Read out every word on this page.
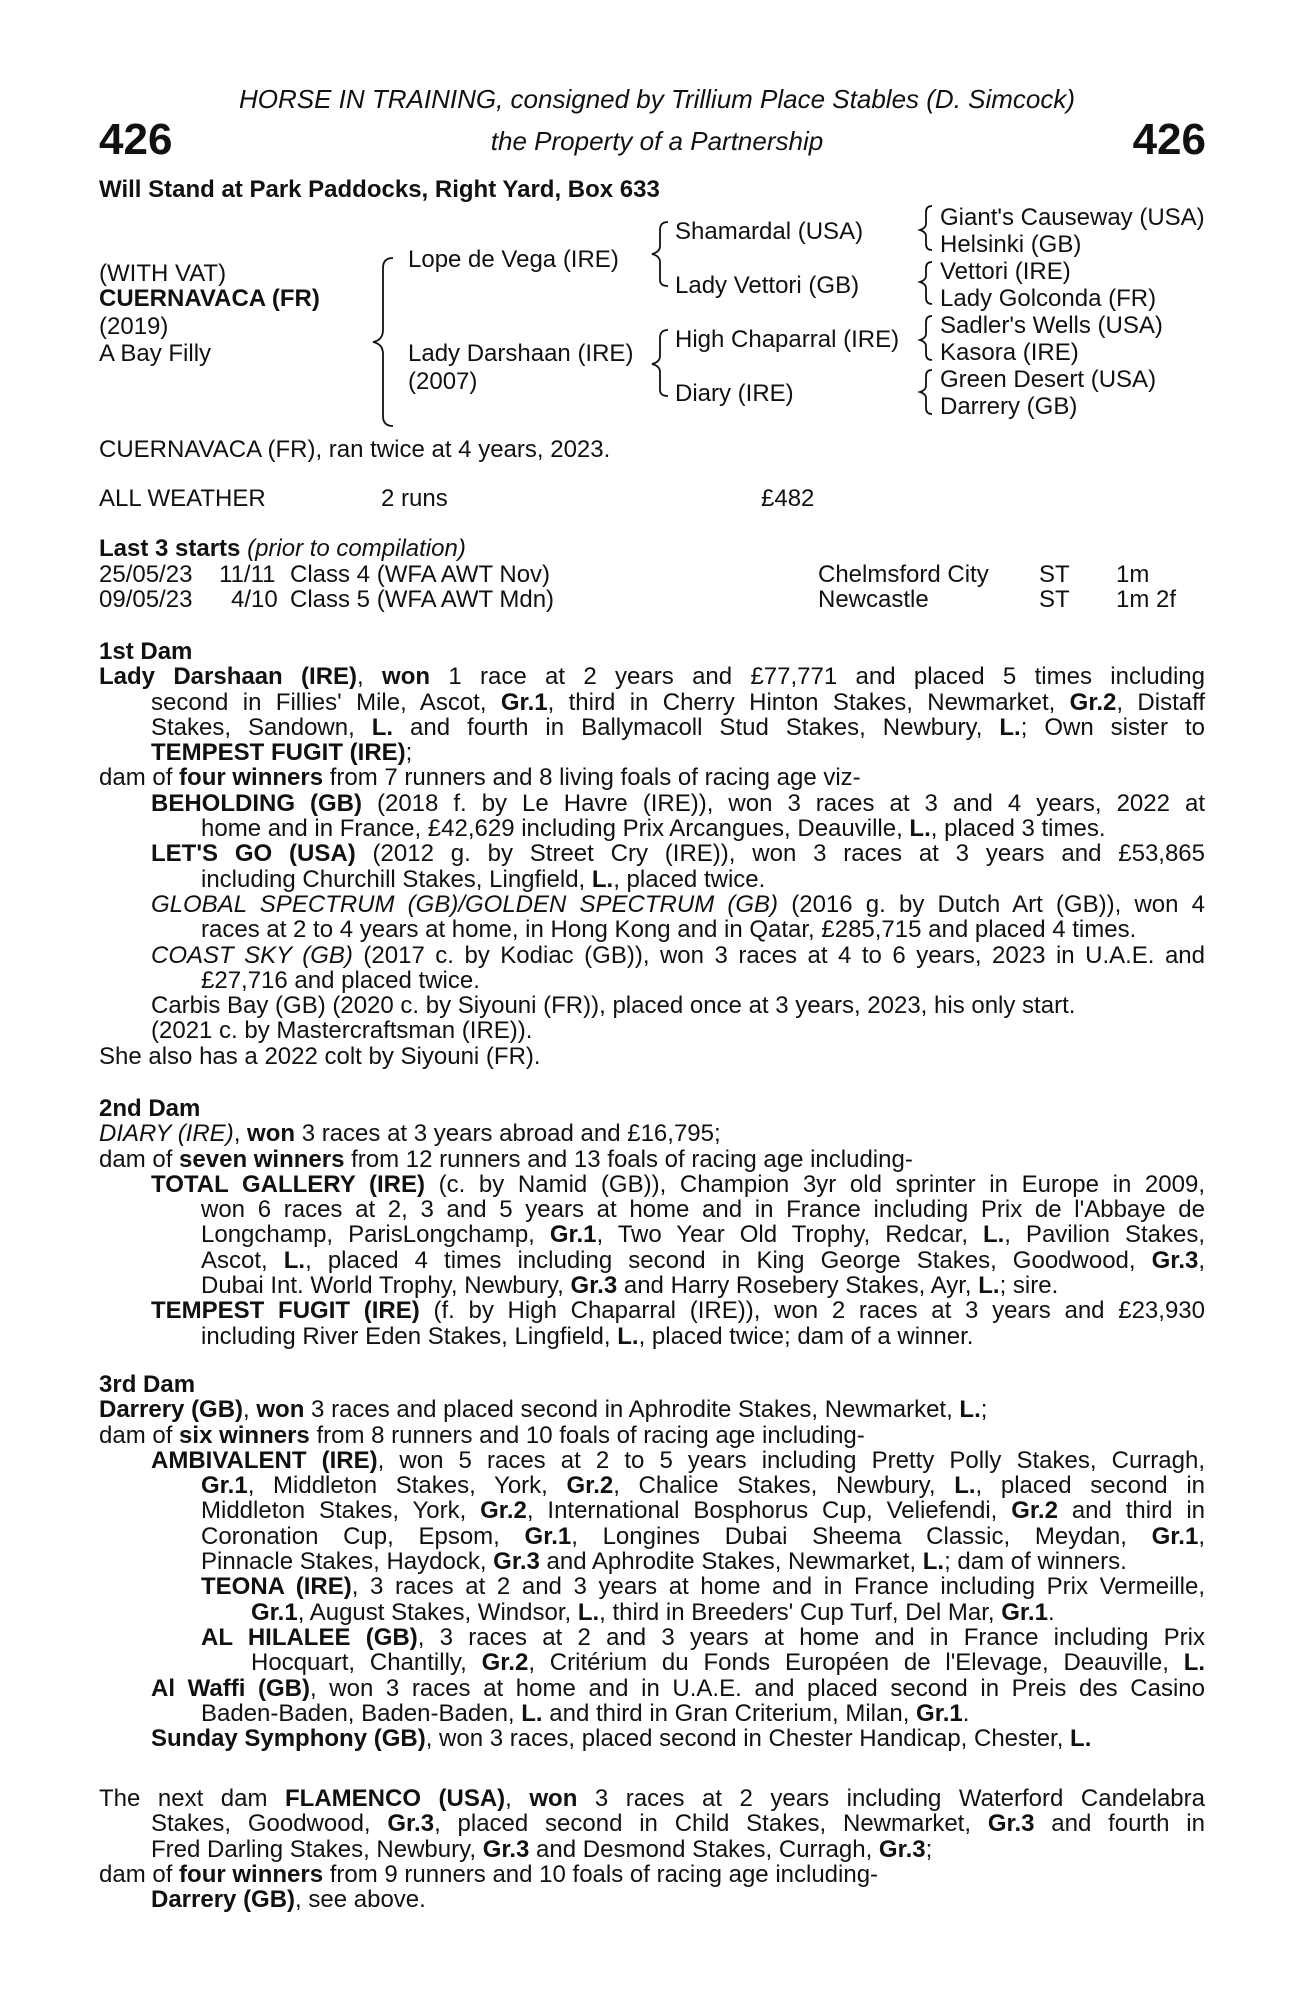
HORSE IN TRAINING, consigned by Trillium Place Stables (D. Simcock)
the Property of a Partnership
426	426
Will Stand at Park Paddocks, Right Yard, Box 633
(WITH VAT)
CUERNAVACA (FR)
(2019)
A Bay Filly
Lope de Vega (IRE)
Lady Darshaan (IRE)
(2007)
Shamardal (USA)
Lady Vettori (GB)
High Chaparral (IRE)
Diary (IRE)
Giant's Causeway (USA)
Helsinki (GB)
Vettori (IRE)
Lady Golconda (FR)
Sadler's Wells (USA)
Kasora (IRE)
Green Desert (USA)
Darrery (GB)
CUERNAVACA (FR), ran twice at 4 years, 2023.
ALL WEATHER	2 runs	£482
Last 3 starts (prior to compilation)
25/05/23 11/11 Class 4 (WFA AWT Nov)	Chelmsford City ST 1m
09/05/23 4/10 Class 5 (WFA AWT Mdn)	Newcastle	ST 1m 2f
1st Dam
Lady Darshaan (IRE), won 1 race at 2 years and £77,771 and placed 5 times including
second in Fillies' Mile, Ascot, Gr.1, third in Cherry Hinton Stakes, Newmarket, Gr.2, Distaff
Stakes, Sandown, L. and fourth in Ballymacoll Stud Stakes, Newbury, L.; Own sister to
TEMPEST FUGIT (IRE);
dam of four winners from 7 runners and 8 living foals of racing age viz-
BEHOLDING (GB) (2018 f. by Le Havre (IRE)), won 3 races at 3 and 4 years, 2022 at
home and in France, £42,629 including Prix Arcangues, Deauville, L., placed 3 times.
LET'S GO (USA) (2012 g. by Street Cry (IRE)), won 3 races at 3 years and £53,865
including Churchill Stakes, Lingfield, L., placed twice.
GLOBAL SPECTRUM (GB)/GOLDEN SPECTRUM (GB) (2016 g. by Dutch Art (GB)), won 4
races at 2 to 4 years at home, in Hong Kong and in Qatar, £285,715 and placed 4 times.
COAST SKY (GB) (2017 c. by Kodiac (GB)), won 3 races at 4 to 6 years, 2023 in U.A.E. and
£27,716 and placed twice.
Carbis Bay (GB) (2020 c. by Siyouni (FR)), placed once at 3 years, 2023, his only start.
(2021 c. by Mastercraftsman (IRE)).
She also has a 2022 colt by Siyouni (FR).
2nd Dam
DIARY (IRE), won 3 races at 3 years abroad and £16,795;
dam of seven winners from 12 runners and 13 foals of racing age including-
TOTAL GALLERY (IRE) (c. by Namid (GB)), Champion 3yr old sprinter in Europe in 2009,
won 6 races at 2, 3 and 5 years at home and in France including Prix de l'Abbaye de
Longchamp, ParisLongchamp, Gr.1, Two Year Old Trophy, Redcar, L., Pavilion Stakes,
Ascot, L., placed 4 times including second in King George Stakes, Goodwood, Gr.3,
Dubai Int. World Trophy, Newbury, Gr.3 and Harry Rosebery Stakes, Ayr, L.; sire.
TEMPEST FUGIT (IRE) (f. by High Chaparral (IRE)), won 2 races at 3 years and £23,930
including River Eden Stakes, Lingfield, L., placed twice; dam of a winner.
3rd Dam
Darrery (GB), won 3 races and placed second in Aphrodite Stakes, Newmarket, L.;
dam of six winners from 8 runners and 10 foals of racing age including-
AMBIVALENT (IRE), won 5 races at 2 to 5 years including Pretty Polly Stakes, Curragh,
Gr.1, Middleton Stakes, York, Gr.2, Chalice Stakes, Newbury, L., placed second in
Middleton Stakes, York, Gr.2, International Bosphorus Cup, Veliefendi, Gr.2 and third in
Coronation Cup, Epsom, Gr.1, Longines Dubai Sheema Classic, Meydan, Gr.1,
Pinnacle Stakes, Haydock, Gr.3 and Aphrodite Stakes, Newmarket, L.; dam of winners.
TEONA (IRE), 3 races at 2 and 3 years at home and in France including Prix Vermeille,
Gr.1, August Stakes, Windsor, L., third in Breeders' Cup Turf, Del Mar, Gr.1.
AL HILALEE (GB), 3 races at 2 and 3 years at home and in France including Prix
Hocquart, Chantilly, Gr.2, Critérium du Fonds Européen de l'Elevage, Deauville, L.
Al Waffi (GB), won 3 races at home and in U.A.E. and placed second in Preis des Casino
Baden-Baden, Baden-Baden, L. and third in Gran Criterium, Milan, Gr.1.
Sunday Symphony (GB), won 3 races, placed second in Chester Handicap, Chester, L.
The next dam FLAMENCO (USA), won 3 races at 2 years including Waterford Candelabra
Stakes, Goodwood, Gr.3, placed second in Child Stakes, Newmarket, Gr.3 and fourth in
Fred Darling Stakes, Newbury, Gr.3 and Desmond Stakes, Curragh, Gr.3;
dam of four winners from 9 runners and 10 foals of racing age including-
Darrery (GB), see above.
